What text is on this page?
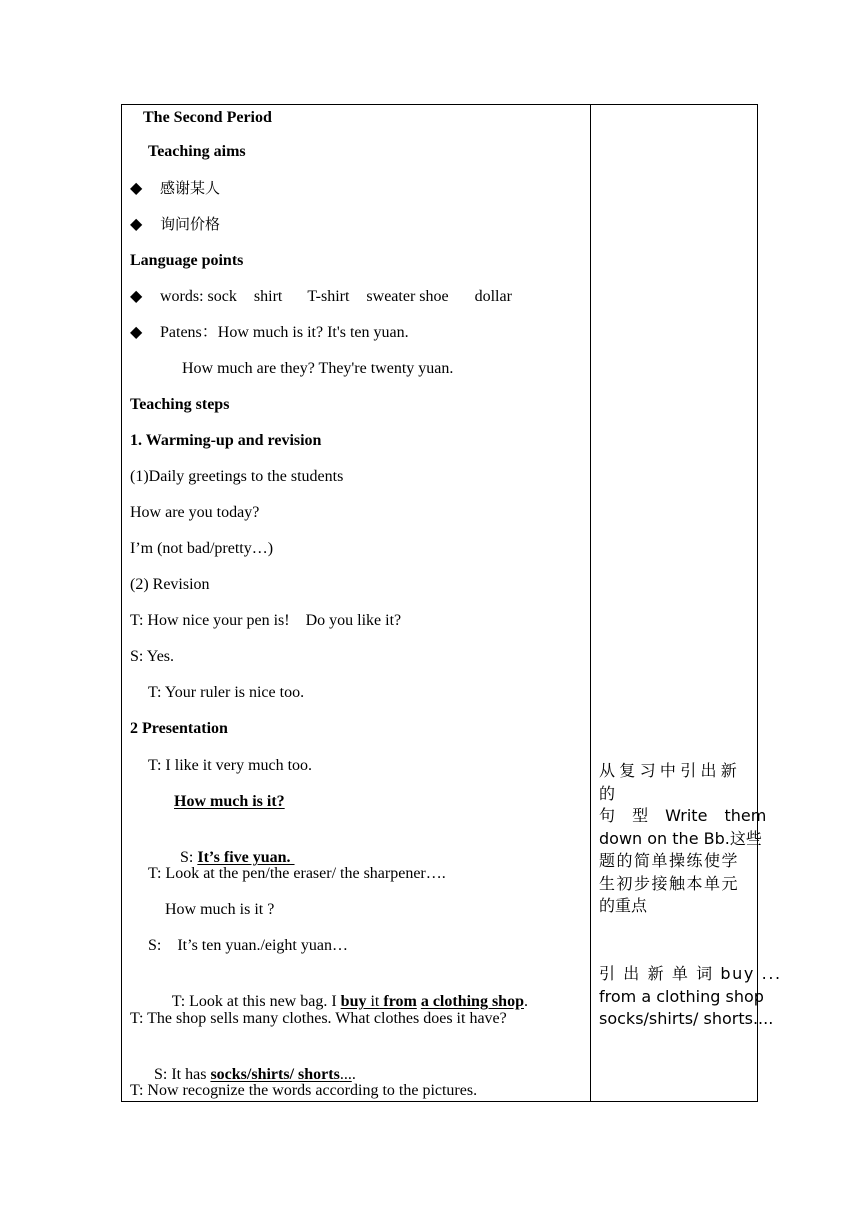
The Second Period
Teaching aims
◆ 感谢某人
◆ 询问价格
Language points
◆ words: sock shirt T-shirt sweater shoe dollar
◆ Patens：How much is it? It's ten yuan.
How much are they? They're twenty yuan.
Teaching steps
1. Warming-up and revision
(1)Daily greetings to the students
How are you today?
I’m (not bad/pretty…)
(2) Revision
T: How nice your pen is!    Do you like it?
S: Yes.
T: Your ruler is nice too.
2 Presentation
T: I like it very much too.
How much is it?

S: It’s five yuan.

T: Look at the pen/the eraser/ the sharpener….
How much is it ?
S:    It’s ten yuan./eight yuan…

T: Look at this new bag. I buy it from a clothing shop.

T: The shop sells many clothes. What clothes does it have?

S: It has socks/shirts/ shorts....

T: Now recognize the words according to the pictures.
从复习中引出新的
句 型 Write them
down on the Bb.这些
题的简单操练使学
生初步接触本单元
的重点
引 出 新 单 词 buy ...
from a clothing shop
socks/shirts/ shorts....
